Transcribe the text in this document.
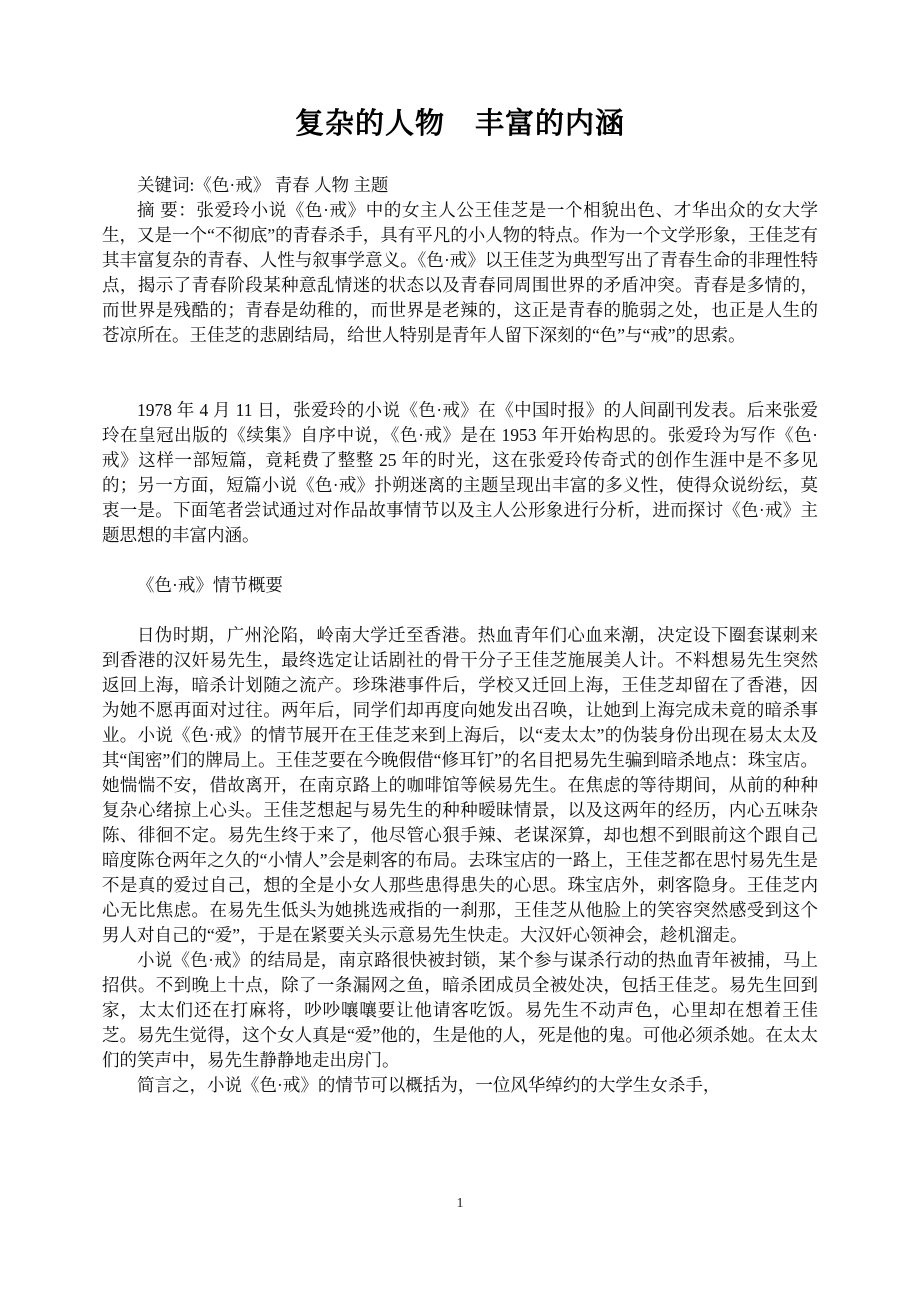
复杂的人物　丰富的内涵
关键词:《色·戒》 青春 人物 主题
摘 要：张爱玲小说《色·戒》中的女主人公王佳芝是一个相貌出色、才华出众的女大学生，又是一个“不彻底”的青春杀手，具有平凡的小人物的特点。作为一个文学形象，王佳芝有其丰富复杂的青春、人性与叙事学意义。《色·戒》以王佳芝为典型写出了青春生命的非理性特点，揭示了青春阶段某种意乱情迷的状态以及青春同周围世界的矛盾冲突。青春是多情的，而世界是残酷的；青春是幼稚的，而世界是老辣的，这正是青春的脆弱之处，也正是人生的苍凉所在。王佳芝的悲剧结局，给世人特别是青年人留下深刻的“色”与“戒”的思索。

1978 年 4 月 11 日，张爱玲的小说《色·戒》在《中国时报》的人间副刊发表。后来张爱玲在皇冠出版的《续集》自序中说，《色·戒》是在 1953 年开始构思的。张爱玲为写作《色·戒》这样一部短篇，竟耗费了整整 25 年的时光，这在张爱玲传奇式的创作生涯中是不多见的；另一方面，短篇小说《色·戒》扑朔迷离的主题呈现出丰富的多义性，使得众说纷纭，莫衷一是。下面笔者尝试通过对作品故事情节以及主人公形象进行分析，进而探讨《色·戒》主题思想的丰富内涵。

《色·戒》情节概要

日伪时期，广州沦陷，岭南大学迁至香港。热血青年们心血来潮，决定设下圈套谋刺来到香港的汉奸易先生，最终选定让话剧社的骨干分子王佳芝施展美人计。不料想易先生突然返回上海，暗杀计划随之流产。珍珠港事件后，学校又迁回上海，王佳芝却留在了香港，因为她不愿再面对过往。两年后，同学们却再度向她发出召唤，让她到上海完成未竟的暗杀事业。小说《色·戒》的情节展开在王佳芝来到上海后，以“麦太太”的伪装身份出现在易太太及其“闺密”们的牌局上。王佳芝要在今晚假借“修耳钉”的名目把易先生骗到暗杀地点：珠宝店。她惴惴不安，借故离开，在南京路上的咖啡馆等候易先生。在焦虑的等待期间，从前的种种复杂心绪掠上心头。王佳芝想起与易先生的种种暧昧情景，以及这两年的经历，内心五味杂陈、徘徊不定。易先生终于来了，他尽管心狠手辣、老谋深算，却也想不到眼前这个跟自己暗度陈仓两年之久的“小情人”会是刺客的布局。去珠宝店的一路上，王佳芝都在思忖易先生是不是真的爱过自己，想的全是小女人那些患得患失的心思。珠宝店外，刺客隐身。王佳芝内心无比焦虑。在易先生低头为她挑选戒指的一刹那，王佳芝从他脸上的笑容突然感受到这个男人对自己的“爱”，于是在紧要关头示意易先生快走。大汉奸心领神会，趁机溜走。

小说《色·戒》的结局是，南京路很快被封锁，某个参与谋杀行动的热血青年被捕，马上招供。不到晚上十点，除了一条漏网之鱼，暗杀团成员全被处决，包括王佳芝。易先生回到家，太太们还在打麻将，吵吵嚷嚷要让他请客吃饭。易先生不动声色，心里却在想着王佳芝。易先生觉得，这个女人真是“爱”他的，生是他的人，死是他的鬼。可他必须杀她。在太太们的笑声中，易先生静静地走出房门。

简言之，小说《色·戒》的情节可以概括为，一位风华绰约的大学生女杀手，

1
